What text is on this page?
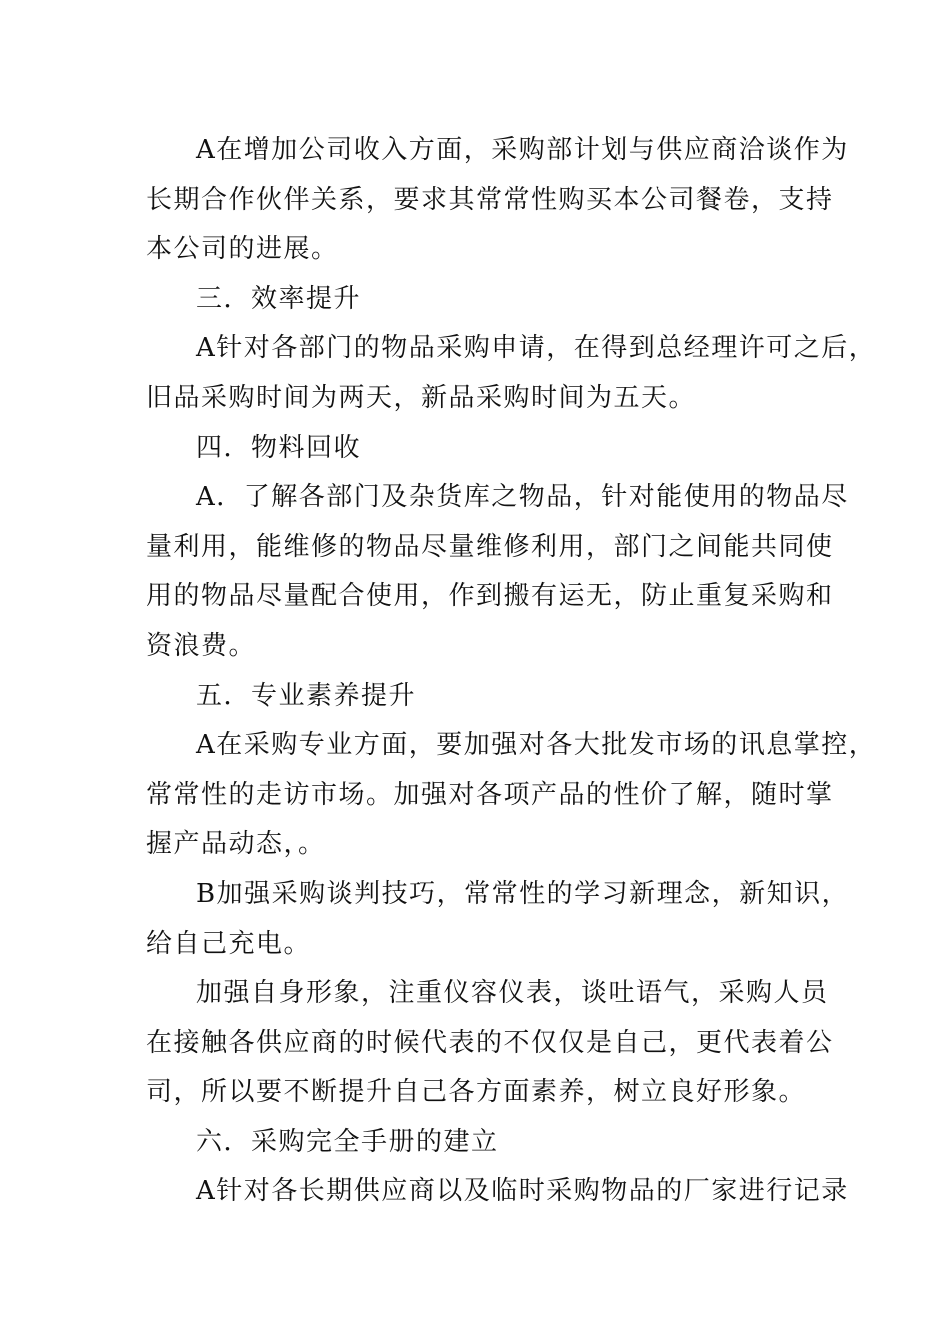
A在增加公司收入方面，采购部计划与供应商洽谈作为
长期合作伙伴关系，要求其常常性购买本公司餐卷，支持
本公司的进展。
三．效率提升
A针对各部门的物品采购申请，在得到总经理许可之后，
旧品采购时间为两天，新品采购时间为五天。
四．物料回收
A．了解各部门及杂货库之物品，针对能使用的物品尽
量利用，能维修的物品尽量维修利用，部门之间能共同使
用的物品尽量配合使用，作到搬有运无，防止重复采购和
资浪费。
五．专业素养提升
A在采购专业方面，要加强对各大批发市场的讯息掌控，
常常性的走访市场。加强对各项产品的性价了解，随时掌
握产品动态，。
B加强采购谈判技巧，常常性的学习新理念，新知识，
给自己充电。
加强自身形象，注重仪容仪表，谈吐语气，采购人员
在接触各供应商的时候代表的不仅仅是自己，更代表着公
司，所以要不断提升自己各方面素养，树立良好形象。
六．采购完全手册的建立
A针对各长期供应商以及临时采购物品的厂家进行记录
